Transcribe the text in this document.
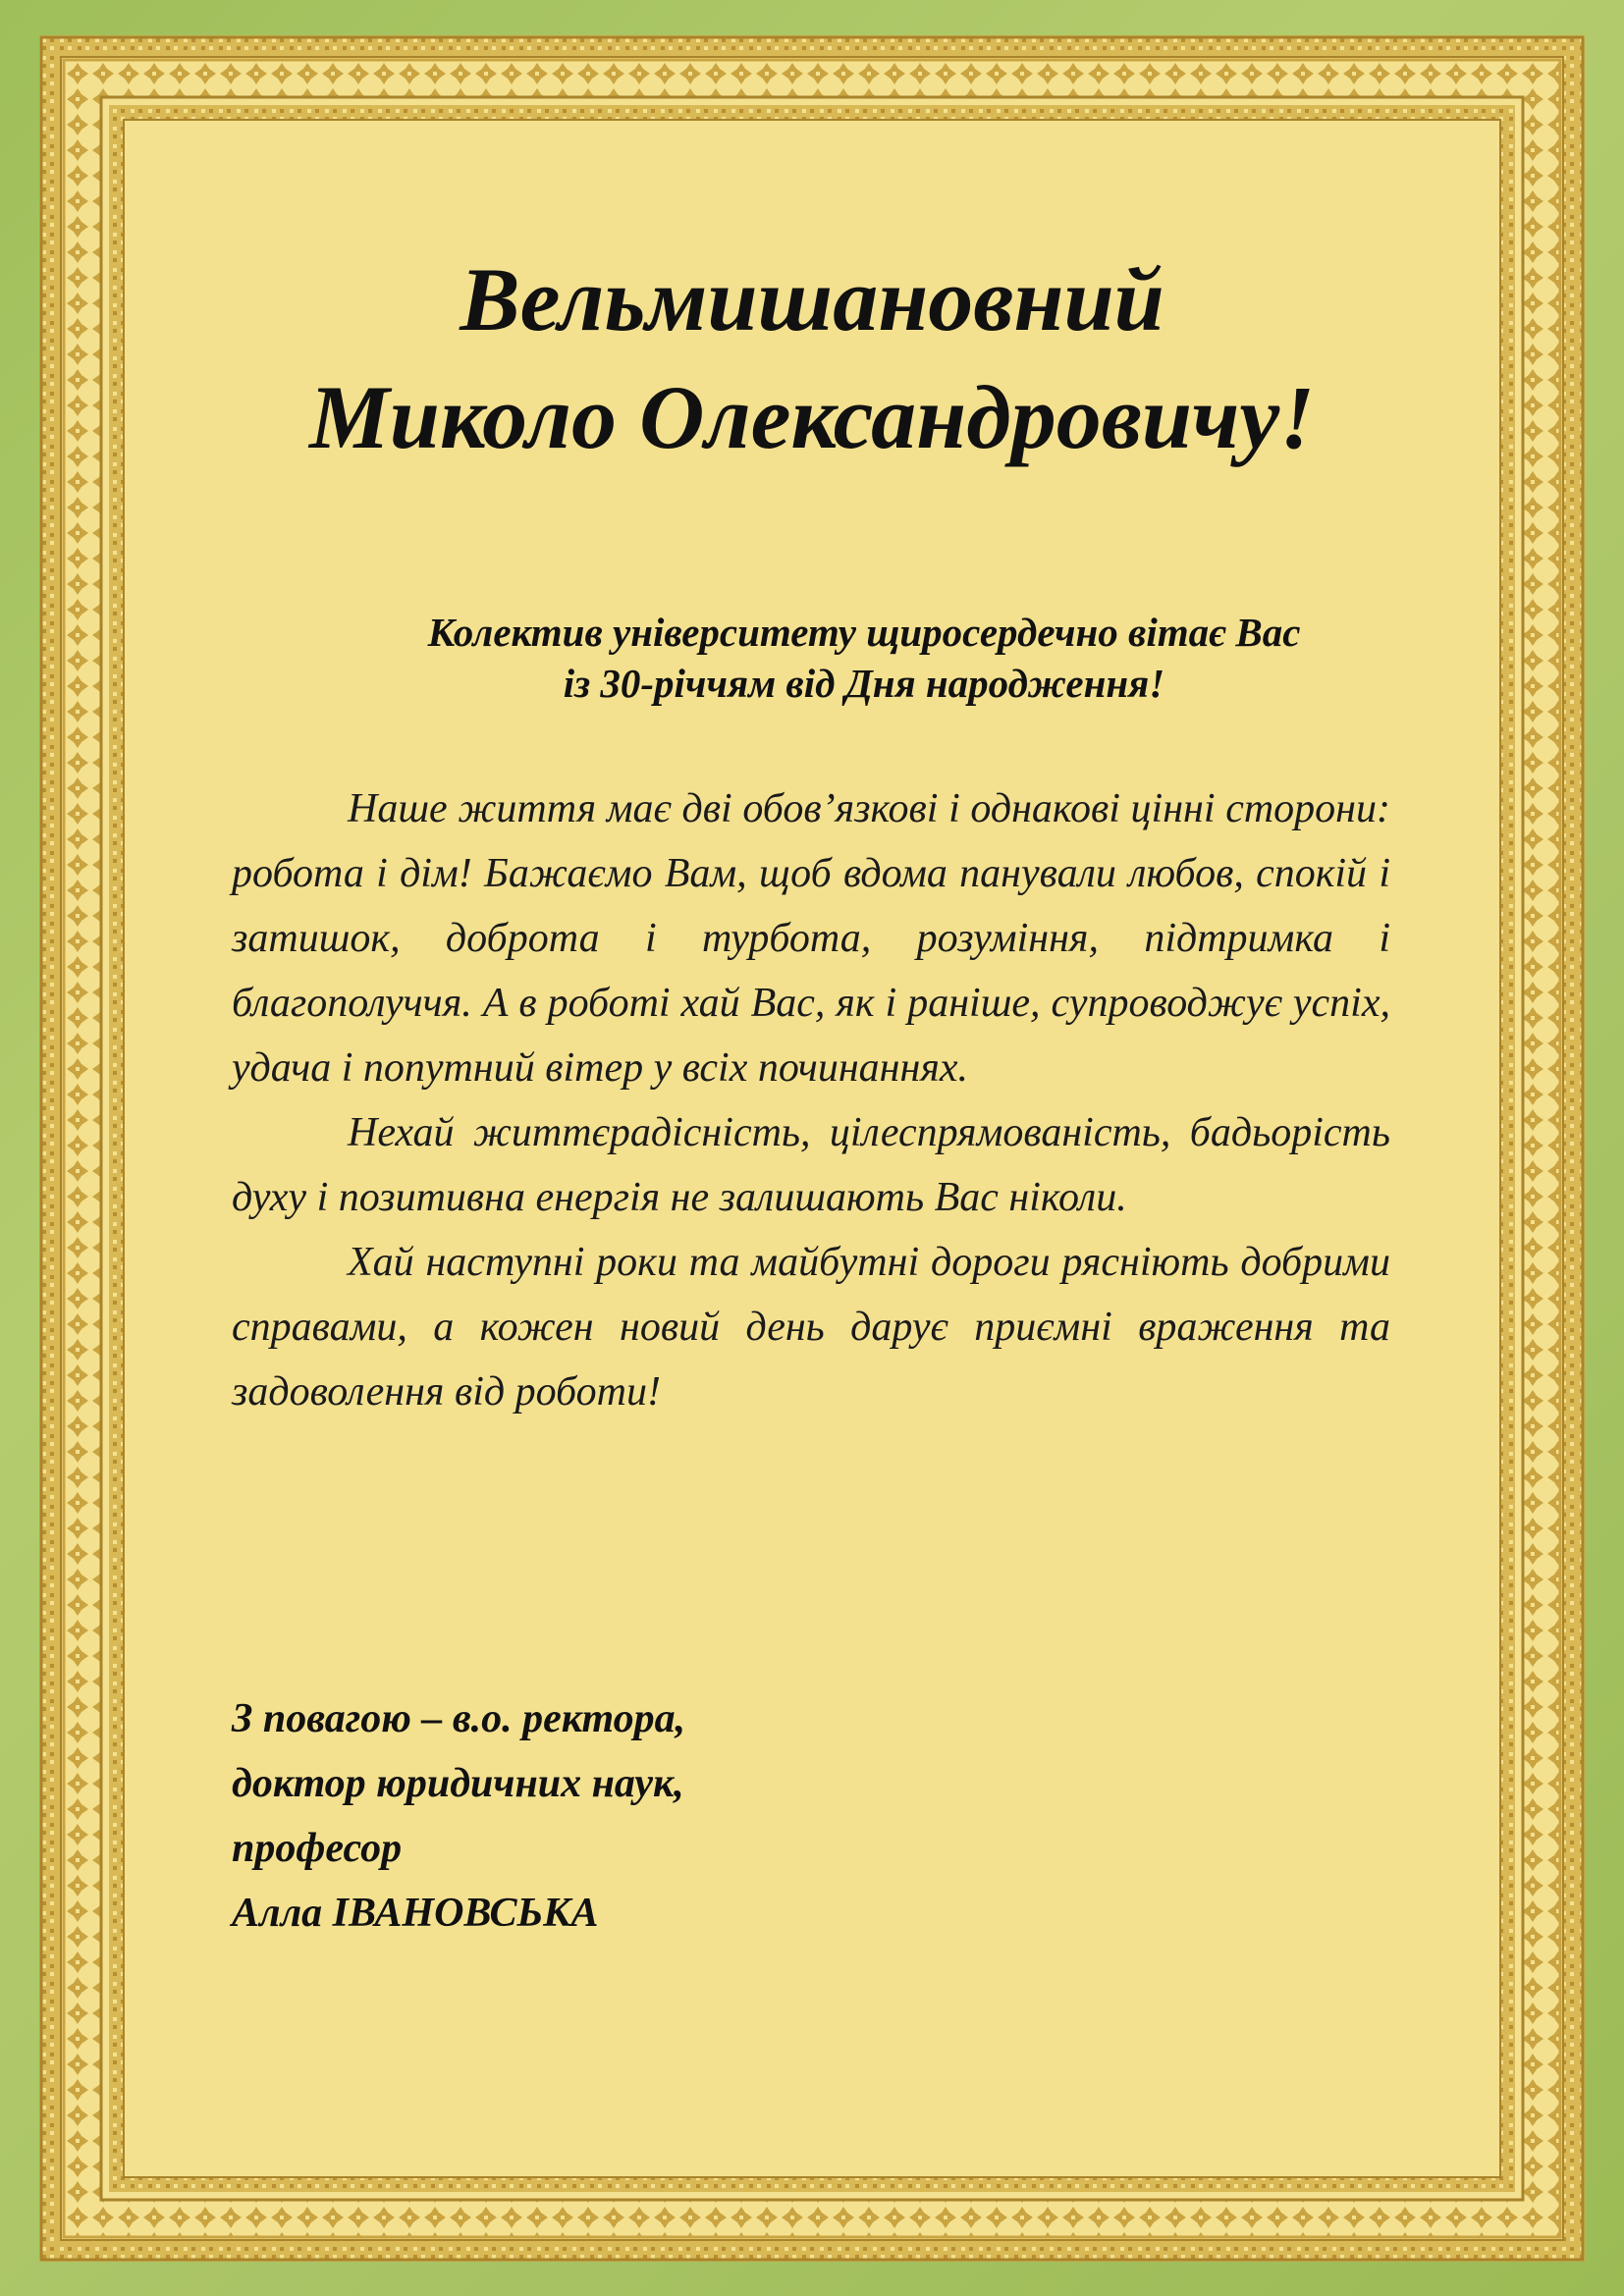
Вельмишановний
Миколо Олександровичу!
Колектив університету щиросердечно вітає Вас
із 30-річчям від Дня народження!

Наше життя має дві обов’язкові і однакові цінні сторони: робота і дім! Бажаємо Вам, щоб вдома панували любов, спокій і затишок, доброта і турбота, розуміння, підтримка і благополуччя. А в роботі хай Вас, як і раніше, супроводжує успіх, удача і попутний вітер у всіх починаннях.

Нехай життєрадісність, цілеспрямованість, бадьорість духу і позитивна енергія не залишають Вас ніколи.

Хай наступні роки та майбутні дороги рясніють добрими справами, а кожен новий день дарує приємні враження та задоволення від роботи!

З повагою – в.о. ректора,
доктор юридичних наук,
професор
Алла ІВАНОВСЬКА
